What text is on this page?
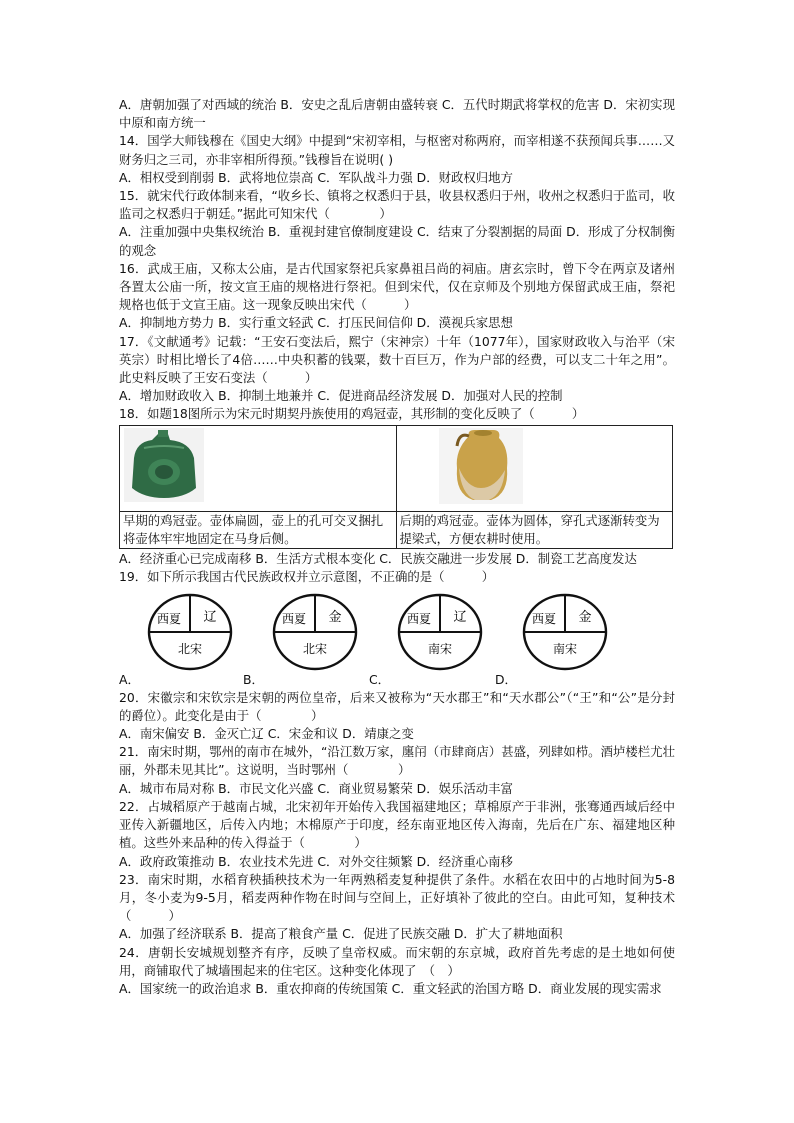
A．唐朝加强了对西域的统治 B．安史之乱后唐朝由盛转衰 C．五代时期武将掌权的危害 D．宋初实现中原和南方统一

14．国学大师钱穆在《国史大纲》中提到“宋初宰相，与枢密对称两府，而宰相遂不获预闻兵事……又财务归之三司，亦非宰相所得预。”钱穆旨在说明( )

A．相权受到削弱 B．武将地位崇高 C．军队战斗力强 D．财政权归地方

15．就宋代行政体制来看，“收乡长、镇将之权悉归于县，收县权悉归于州，收州之权悉归于监司，收监司之权悉归于朝廷。”据此可知宋代（　　　　）

A．注重加强中央集权统治 B．重视封建官僚制度建设 C．结束了分裂割据的局面 D．形成了分权制衡的观念

16．武成王庙，又称太公庙，是古代国家祭祀兵家鼻祖吕尚的祠庙。唐玄宗时，曾下令在两京及诸州各置太公庙一所，按文宣王庙的规格进行祭祀。但到宋代，仅在京师及个别地方保留武成王庙，祭祀规格也低于文宣王庙。这一现象反映出宋代（　　　）

A．抑制地方势力 B．实行重文轻武 C．打压民间信仰 D．漠视兵家思想

17．《文献通考》记载：“王安石变法后，熙宁（宋神宗）十年（1077年），国家财政收入与治平（宋英宗）时相比增长了4倍……中央积蓄的钱粟，数十百巨万，作为户部的经费，可以支二十年之用”。此史料反映了王安石变法（　　　）

A．增加财政收入 B．抑制土地兼并 C．促进商品经济发展 D．加强对人民的控制

18．如题18图所示为宋元时期契丹族使用的鸡冠壶，其形制的变化反映了（　　　）

早期的鸡冠壶。壶体扁圆，壶上的孔可交叉捆扎将壶体牢牢地固定在马身后侧。	后期的鸡冠壶。壶体为圆体，穿孔式逐渐转变为提梁式，方便农耕时使用。

A．经济重心已完成南移 B．生活方式根本变化 C．民族交融进一步发展 D．制瓷工艺高度发达

19．如下所示我国古代民族政权并立示意图，不正确的是（　　　）

西夏 辽
北宋
西夏 金
北宋
西夏 辽
南宋
西夏 金
南宋
A．	B．	C．	D．

20．宋徽宗和宋钦宗是宋朝的两位皇帝，后来又被称为“天水郡王”和“天水郡公”（“王”和“公”是分封的爵位）。此变化是由于（　　　　）

A．南宋偏安 B．金灭亡辽 C．宋金和议 D．靖康之变

21．南宋时期，鄂州的南市在城外，“沿江数万家，廛闬（市肆商店）甚盛，列肆如栉。酒垆楼栏尤壮丽，外郡未见其比”。这说明，当时鄂州（　　　　）

A．城市布局对称 B．市民文化兴盛 C．商业贸易繁荣 D．娱乐活动丰富

22．占城稻原产于越南占城，北宋初年开始传入我国福建地区；草棉原产于非洲，张骞通西域后经中亚传入新疆地区，后传入内地；木棉原产于印度，经东南亚地区传入海南，先后在广东、福建地区种植。这些外来品种的传入得益于（　　　　）

A．政府政策推动 B．农业技术先进 C．对外交往频繁 D．经济重心南移

23．南宋时期，水稻育秧插秧技术为一年两熟稻麦复种提供了条件。水稻在农田中的占地时间为5-8月，冬小麦为9-5月，稻麦两种作物在时间与空间上，正好填补了彼此的空白。由此可知，复种技术（　　　）

A．加强了经济联系 B．提高了粮食产量 C．促进了民族交融 D．扩大了耕地面积

24．唐朝长安城规划整齐有序，反映了皇帝权威。而宋朝的东京城，政府首先考虑的是土地如何使用，商铺取代了城墙围起来的住宅区。这种变化体现了　（　）

A．国家统一的政治追求 B．重农抑商的传统国策 C．重文轻武的治国方略 D．商业发展的现实需求
